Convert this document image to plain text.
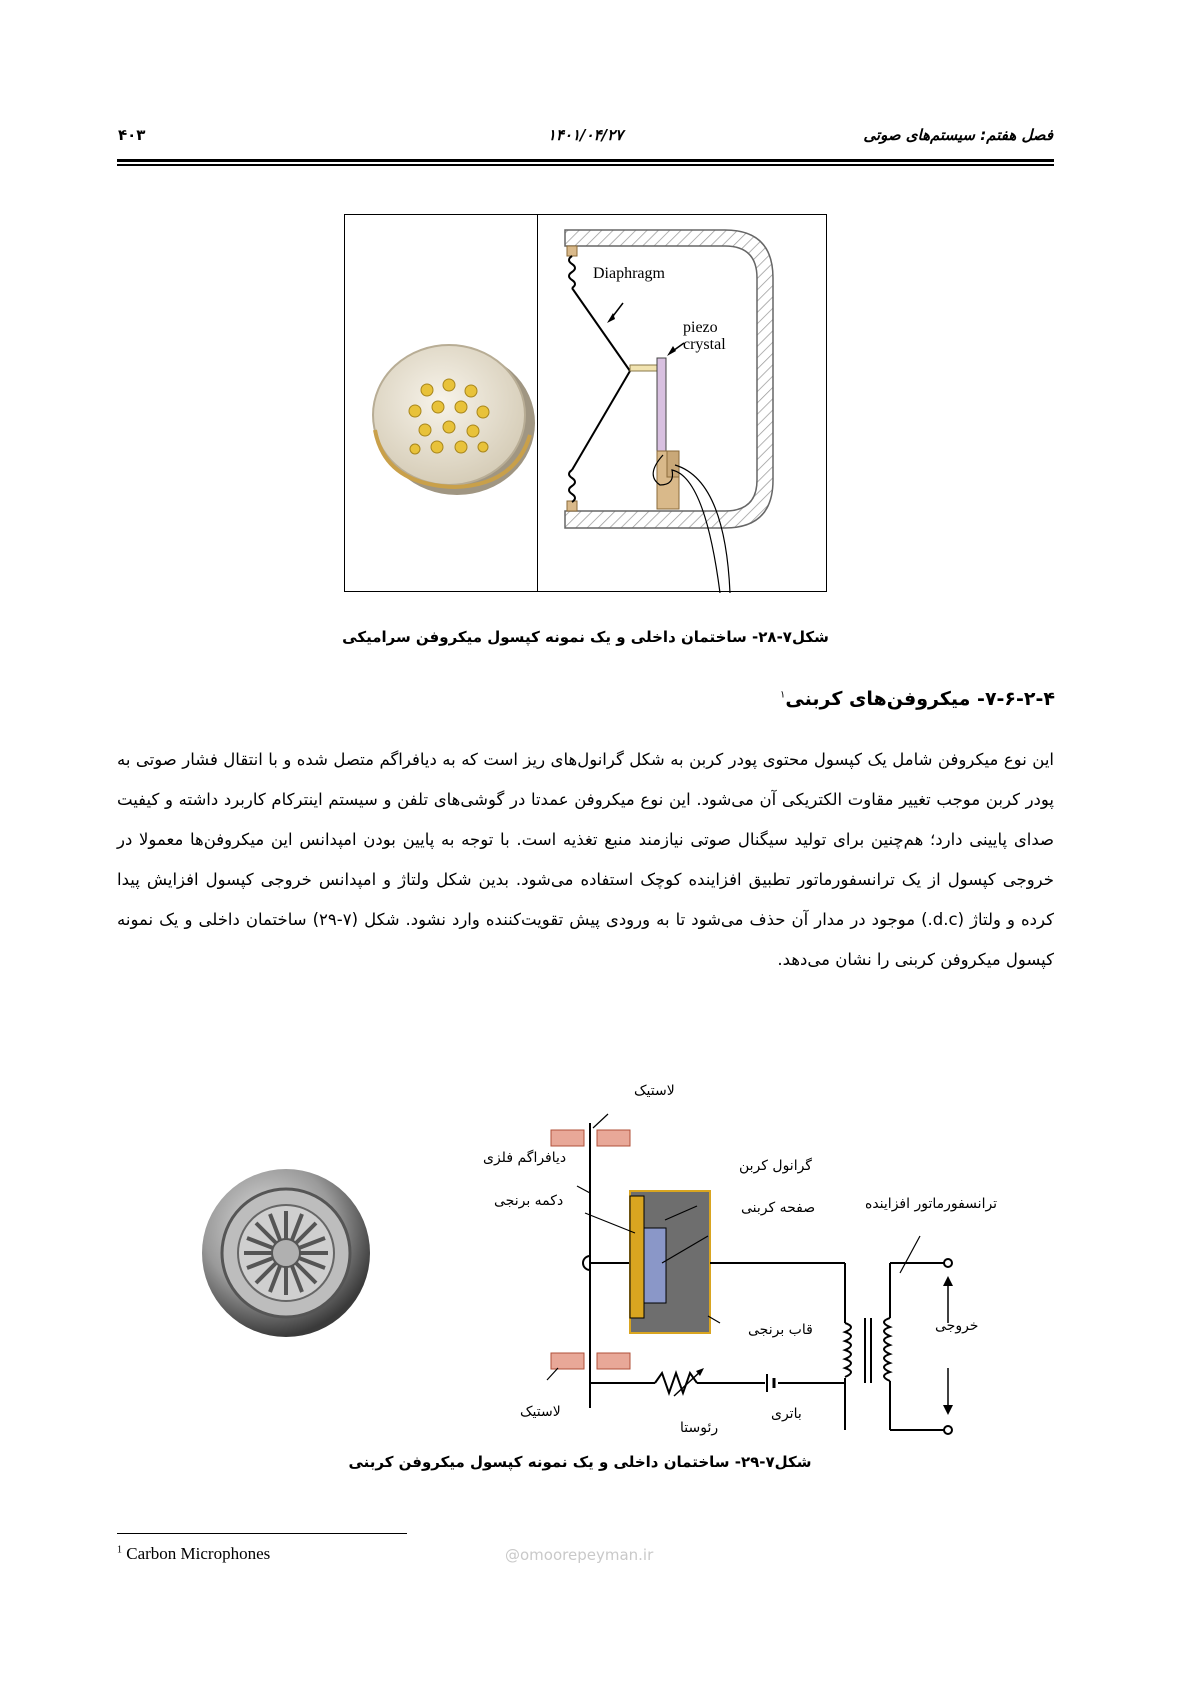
فصل هفتم: سیستم‌های صوتی
۱۴۰۱/۰۴/۲۷
۴۰۳
Diaphragm
piezo
crystal
شکل۷-۲۸- ساختمان داخلی و یک نمونه کپسول میکروفن سرامیکی
۷-۶-۲-۴- میکروفن‌های کربنی$^۱$
این نوع میکروفن شامل یک کپسول محتوی پودر کربن به شکل گرانول‌های ریز است که به دیافراگم متصل شده و با انتقال فشار صوتی به پودر کربن موجب تغییر مقاوت الکتریکی آن می‌شود. این نوع میکروفن عمدتا در گوشی‌های تلفن و سیستم اینترکام کاربرد داشته و کیفیت صدای پایینی دارد؛ هم‌چنین برای تولید سیگنال صوتی نیازمند منبع تغذیه است. با توجه به پایین بودن امپدانس این میکروفن‌ها معمولا در خروجی کپسول از یک ترانسفورماتور تطبیق افزاینده کوچک استفاده می‌شود. بدین شکل ولتاژ و امپدانس خروجی کپسول افزایش پیدا کرده و ولتاژ (d.c.) موجود در مدار آن حذف می‌شود تا به ورودی پیش تقویت‌کننده وارد نشود. شکل (۷-۲۹) ساختمان داخلی و یک نمونه کپسول میکروفن کربنی را نشان می‌دهد.
لاستیک
دیافراگم فلزی
دکمه برنجی
گرانول کربن
صفحه کربنی
قاب برنجی
لاستیک
رئوستا
باتری
ترانسفورماتور افزاینده
خروجی
شکل۷-۲۹- ساختمان داخلی و یک نمونه کپسول میکروفن کربنی
$^1$ Carbon Microphones	@omoorepeyman.ir
